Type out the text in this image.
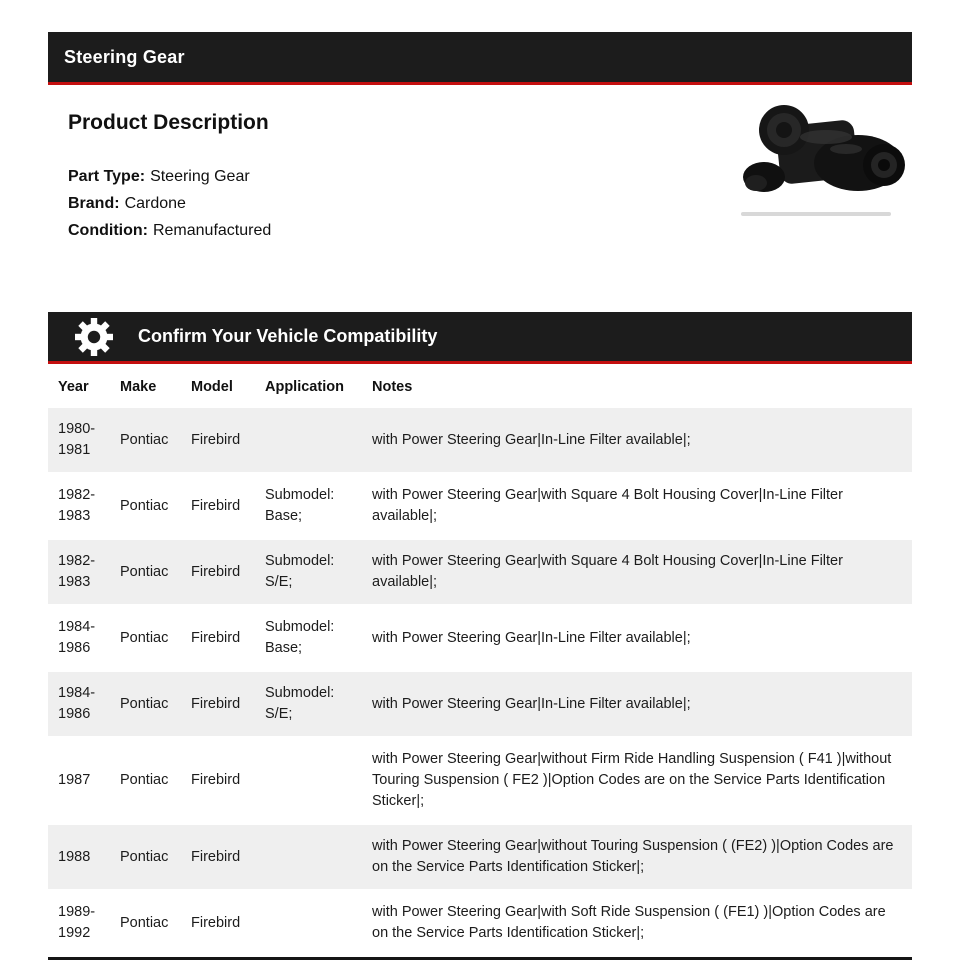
Steering Gear
Product Description
Part Type: Steering Gear
Brand: Cardone
Condition: Remanufactured
Confirm Your Vehicle Compatibility
Year	Make	Model	Application	Notes
1980-1981	Pontiac	Firebird		with Power Steering Gear|In-Line Filter available|;
1982-1983	Pontiac	Firebird	Submodel: Base;	with Power Steering Gear|with Square 4 Bolt Housing Cover|In-Line Filter available|;
1982-1983	Pontiac	Firebird	Submodel: S/E;	with Power Steering Gear|with Square 4 Bolt Housing Cover|In-Line Filter available|;
1984-1986	Pontiac	Firebird	Submodel: Base;	with Power Steering Gear|In-Line Filter available|;
1984-1986	Pontiac	Firebird	Submodel: S/E;	with Power Steering Gear|In-Line Filter available|;
1987	Pontiac	Firebird		with Power Steering Gear|without Firm Ride Handling Suspension ( F41 )|without Touring Suspension ( FE2 )|Option Codes are on the Service Parts Identification Sticker|;
1988	Pontiac	Firebird		with Power Steering Gear|without Touring Suspension ( (FE2) )|Option Codes are on the Service Parts Identification Sticker|;
1989-1992	Pontiac	Firebird		with Power Steering Gear|with Soft Ride Suspension ( (FE1) )|Option Codes are on the Service Parts Identification Sticker|;
